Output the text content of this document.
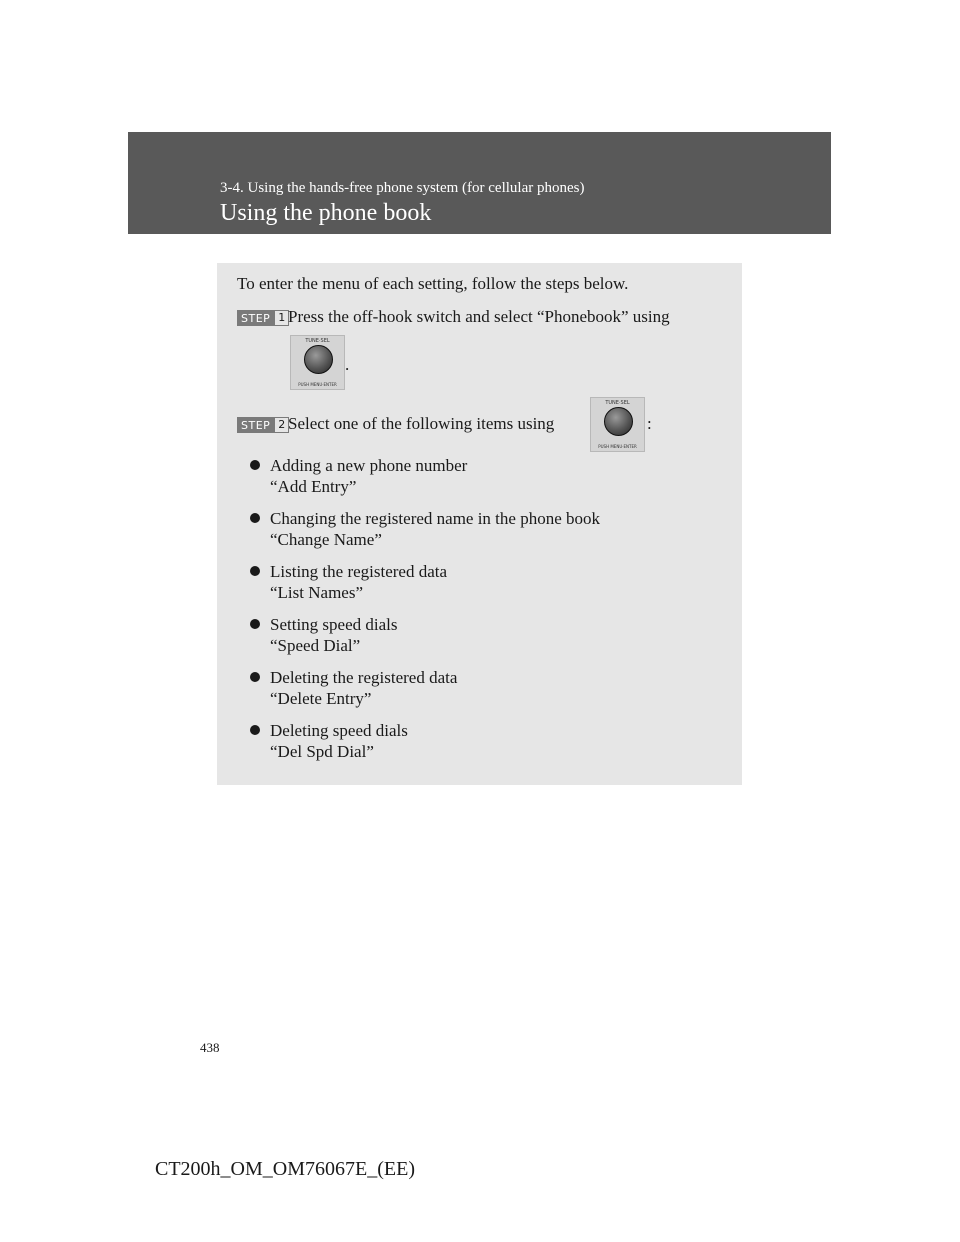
3-4. Using the hands-free phone system (for cellular phones)
Using the phone book
To enter the menu of each setting, follow the steps below.
STEP 1 Press the off-hook switch and select “Phonebook” using
TUNE·SEL
PUSH MENU·ENTER
.
STEP 2 Select one of the following items using
TUNE·SEL
PUSH MENU·ENTER
:
Adding a new phone number
“Add Entry”
Changing the registered name in the phone book
“Change Name”
Listing the registered data
“List Names”
Setting speed dials
“Speed Dial”
Deleting the registered data
“Delete Entry”
Deleting speed dials
“Del Spd Dial”
438
CT200h_OM_OM76067E_(EE)
